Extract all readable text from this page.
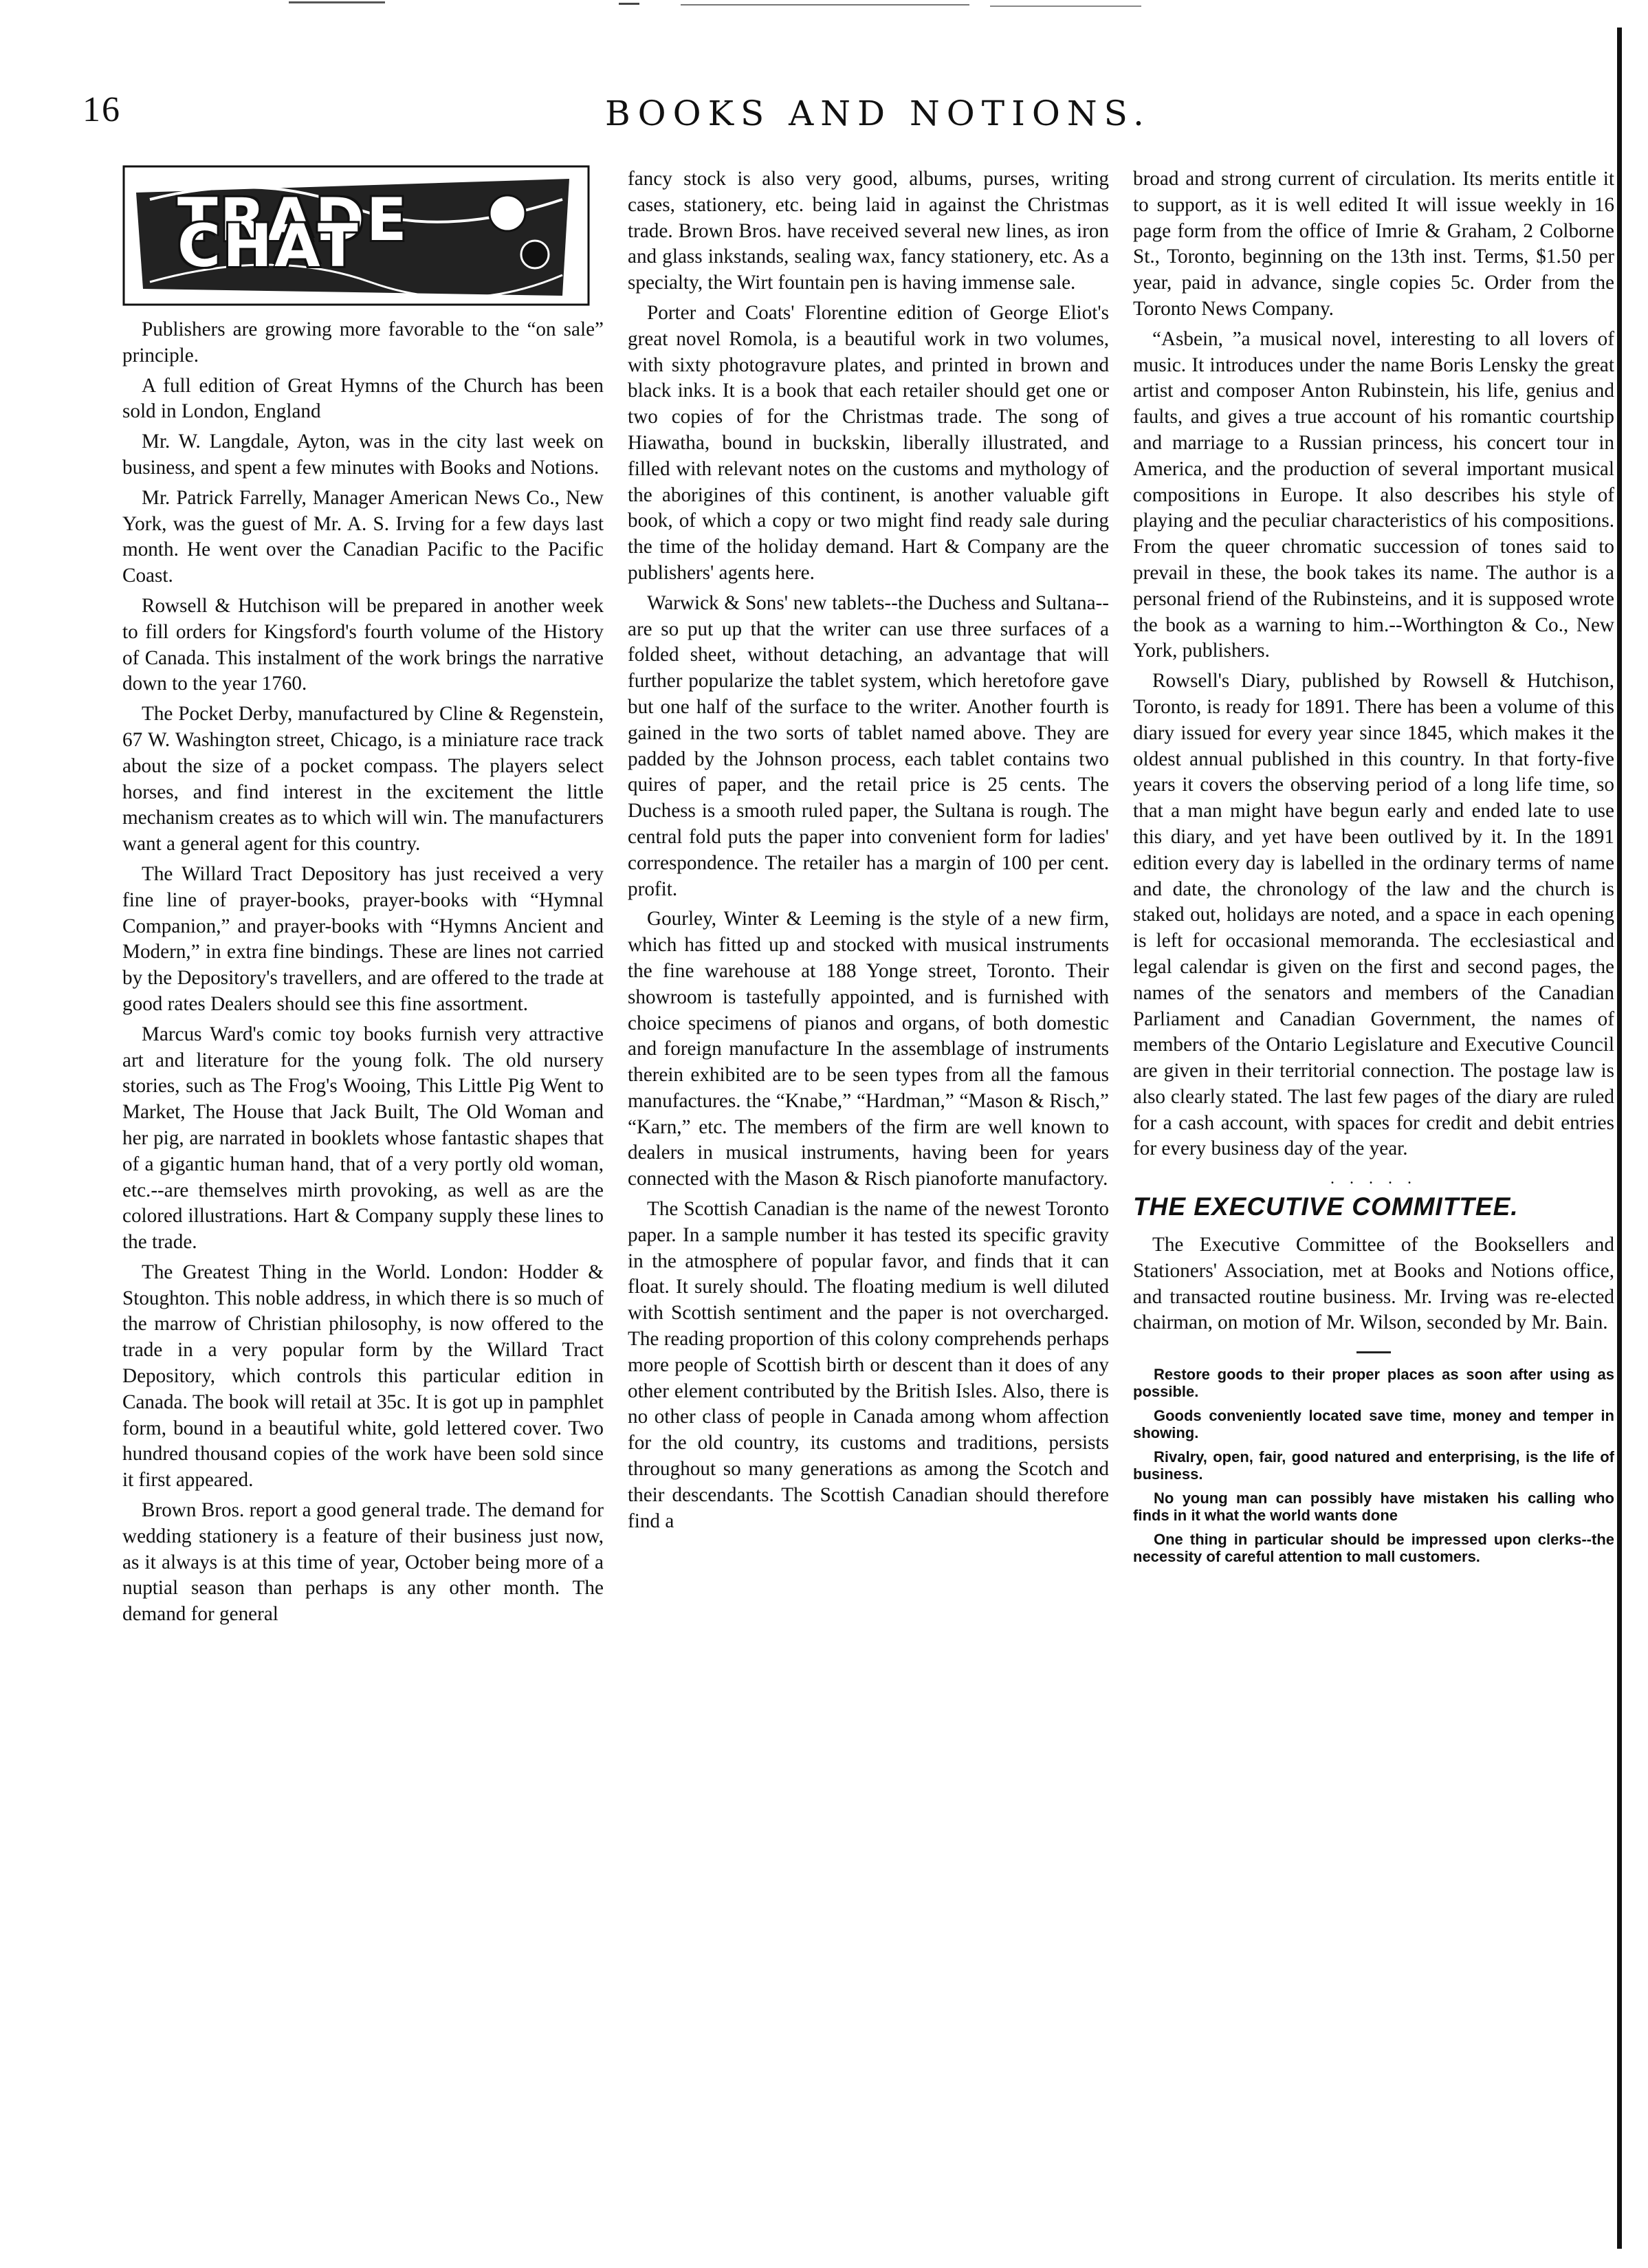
16	BOOKS AND NOTIONS.
TRADE CHAT

Publishers are growing more favorable to the “on sale” principle.

A full edition of Great Hymns of the Church has been sold in London, England

Mr. W. Langdale, Ayton, was in the city last week on business, and spent a few minutes with Books and Notions.

Mr. Patrick Farrelly, Manager American News Co., New York, was the guest of Mr. A. S. Irving for a few days last month. He went over the Canadian Pacific to the Pacific Coast.

Rowsell & Hutchison will be prepared in another week to fill orders for Kingsford's fourth volume of the History of Canada. This instalment of the work brings the narrative down to the year 1760.

The Pocket Derby, manufactured by Cline & Regenstein, 67 W. Washington street, Chicago, is a miniature race track about the size of a pocket compass. The players select horses, and find interest in the excitement the little mechanism creates as to which will win. The manufacturers want a general agent for this country.

The Willard Tract Depository has just received a very fine line of prayer-books, prayer-books with “Hymnal Companion,” and prayer-books with “Hymns Ancient and Modern,” in extra fine bindings. These are lines not carried by the Depository's travellers, and are offered to the trade at good rates Dealers should see this fine assortment.

Marcus Ward's comic toy books furnish very attractive art and literature for the young folk. The old nursery stories, such as The Frog's Wooing, This Little Pig Went to Market, The House that Jack Built, The Old Woman and her pig, are narrated in booklets whose fantastic shapes that of a gigantic human hand, that of a very portly old woman, etc.--are themselves mirth provoking, as well as are the colored illustrations. Hart & Company supply these lines to the trade.

The Greatest Thing in the World. London: Hodder & Stoughton. This noble address, in which there is so much of the marrow of Christian philosophy, is now offered to the trade in a very popular form by the Willard Tract Depository, which controls this particular edition in Canada. The book will retail at 35c. It is got up in pamphlet form, bound in a beautiful white, gold lettered cover. Two hundred thousand copies of the work have been sold since it first appeared.

Brown Bros. report a good general trade. The demand for wedding stationery is a feature of their business just now, as it always is at this time of year, October being more of a nuptial season than perhaps is any other month. The demand for general

fancy stock is also very good, albums, purses, writing cases, stationery, etc. being laid in against the Christmas trade. Brown Bros. have received several new lines, as iron and glass inkstands, sealing wax, fancy stationery, etc. As a specialty, the Wirt fountain pen is having immense sale.

Porter and Coats' Florentine edition of George Eliot's great novel Romola, is a beautiful work in two volumes, with sixty photogravure plates, and printed in brown and black inks. It is a book that each retailer should get one or two copies of for the Christmas trade. The song of Hiawatha, bound in buckskin, liberally illustrated, and filled with relevant notes on the customs and mythology of the aborigines of this continent, is another valuable gift book, of which a copy or two might find ready sale during the time of the holiday demand. Hart & Company are the publishers' agents here.

Warwick & Sons' new tablets--the Duchess and Sultana--are so put up that the writer can use three surfaces of a folded sheet, without detaching, an advantage that will further popularize the tablet system, which heretofore gave but one half of the surface to the writer. Another fourth is gained in the two sorts of tablet named above. They are padded by the Johnson process, each tablet contains two quires of paper, and the retail price is 25 cents. The Duchess is a smooth ruled paper, the Sultana is rough. The central fold puts the paper into convenient form for ladies' correspondence. The retailer has a margin of 100 per cent. profit.

Gourley, Winter & Leeming is the style of a new firm, which has fitted up and stocked with musical instruments the fine warehouse at 188 Yonge street, Toronto. Their showroom is tastefully appointed, and is furnished with choice specimens of pianos and organs, of both domestic and foreign manufacture In the assemblage of instruments therein exhibited are to be seen types from all the famous manufactures. the “Knabe,” “Hardman,” “Mason & Risch,” “Karn,” etc. The members of the firm are well known to dealers in musical instruments, having been for years connected with the Mason & Risch pianoforte manufactory.

The Scottish Canadian is the name of the newest Toronto paper. In a sample number it has tested its specific gravity in the atmosphere of popular favor, and finds that it can float. It surely should. The floating medium is well diluted with Scottish sentiment and the paper is not overcharged. The reading proportion of this colony comprehends perhaps more people of Scottish birth or descent than it does of any other element contributed by the British Isles. Also, there is no other class of people in Canada among whom affection for the old country, its customs and traditions, persists throughout so many generations as among the Scotch and their descendants. The Scottish Canadian should therefore find a

broad and strong current of circulation. Its merits entitle it to support, as it is well edited It will issue weekly in 16 page form from the office of Imrie & Graham, 2 Colborne St., Toronto, beginning on the 13th inst. Terms, $1.50 per year, paid in advance, single copies 5c. Order from the Toronto News Company.

“Asbein, ”a musical novel, interesting to all lovers of music. It introduces under the name Boris Lensky the great artist and composer Anton Rubinstein, his life, genius and faults, and gives a true account of his romantic courtship and marriage to a Russian princess, his concert tour in America, and the production of several important musical compositions in Europe. It also describes his style of playing and the peculiar characteristics of his compositions. From the queer chromatic succession of tones said to prevail in these, the book takes its name. The author is a personal friend of the Rubinsteins, and it is supposed wrote the book as a warning to him.--Worthington & Co., New York, publishers.

Rowsell's Diary, published by Rowsell & Hutchison, Toronto, is ready for 1891. There has been a volume of this diary issued for every year since 1845, which makes it the oldest annual published in this country. In that forty-five years it covers the observing period of a long life time, so that a man might have begun early and ended late to use this diary, and yet have been outlived by it. In the 1891 edition every day is labelled in the ordinary terms of name and date, the chronology of the law and the church is staked out, holidays are noted, and a space in each opening is left for occasional memoranda. The ecclesiastical and legal calendar is given on the first and second pages, the names of the senators and members of the Canadian Parliament and Canadian Government, the names of members of the Ontario Legislature and Executive Council are given in their territorial connection. The postage law is also clearly stated. The last few pages of the diary are ruled for a cash account, with spaces for credit and debit entries for every business day of the year.

. . . . .
THE EXECUTIVE COMMITTEE.

The Executive Committee of the Booksellers and Stationers' Association, met at Books and Notions office, and transacted routine business. Mr. Irving was re-elected chairman, on motion of Mr. Wilson, seconded by Mr. Bain.

Restore goods to their proper places as soon after using as possible.

Goods conveniently located save time, money and temper in showing.

Rivalry, open, fair, good natured and enterprising, is the life of business.

No young man can possibly have mistaken his calling who finds in it what the world wants done

One thing in particular should be impressed upon clerks--the necessity of careful attention to mall customers.
